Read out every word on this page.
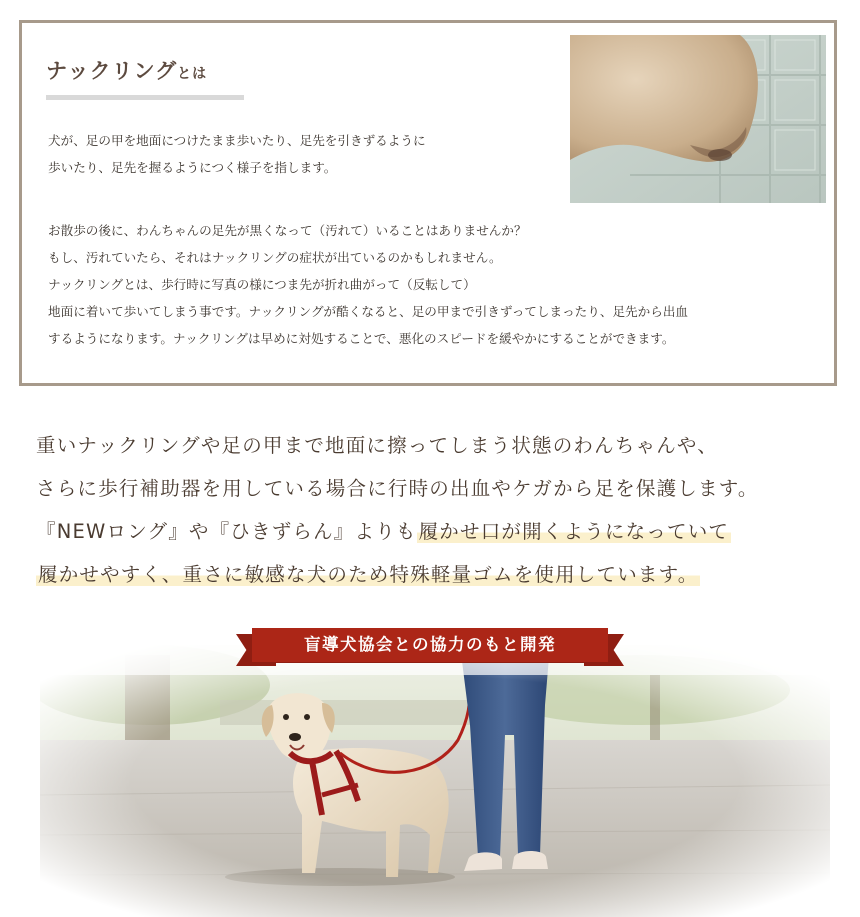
ナックリングとは
犬が、足の甲を地面につけたまま歩いたり、足先を引きずるように
歩いたり、足先を握るようにつく様子を指します。
お散歩の後に、わんちゃんの足先が黒くなって（汚れて）いることはありませんか？
もし、汚れていたら、それはナックリングの症状が出ているのかもしれません。
ナックリングとは、歩行時に写真の様につま先が折れ曲がって（反転して）
地面に着いて歩いてしまう事です。ナックリングが酷くなると、足の甲まで引きずってしまったり、足先から出血
するようになります。ナックリングは早めに対処することで、悪化のスピードを緩やかにすることができます。
重いナックリングや足の甲まで地面に擦ってしまう状態のわんちゃんや、
さらに歩行補助器を用している場合に行時の出血やケガから足を保護します。
『NEWロング』や『ひきずらん』よりも 履かせ口が開くようになっていて
履かせやすく、重さに敏感な犬のため特殊軽量ゴムを使用しています。
盲導犬協会との協力のもと開発
